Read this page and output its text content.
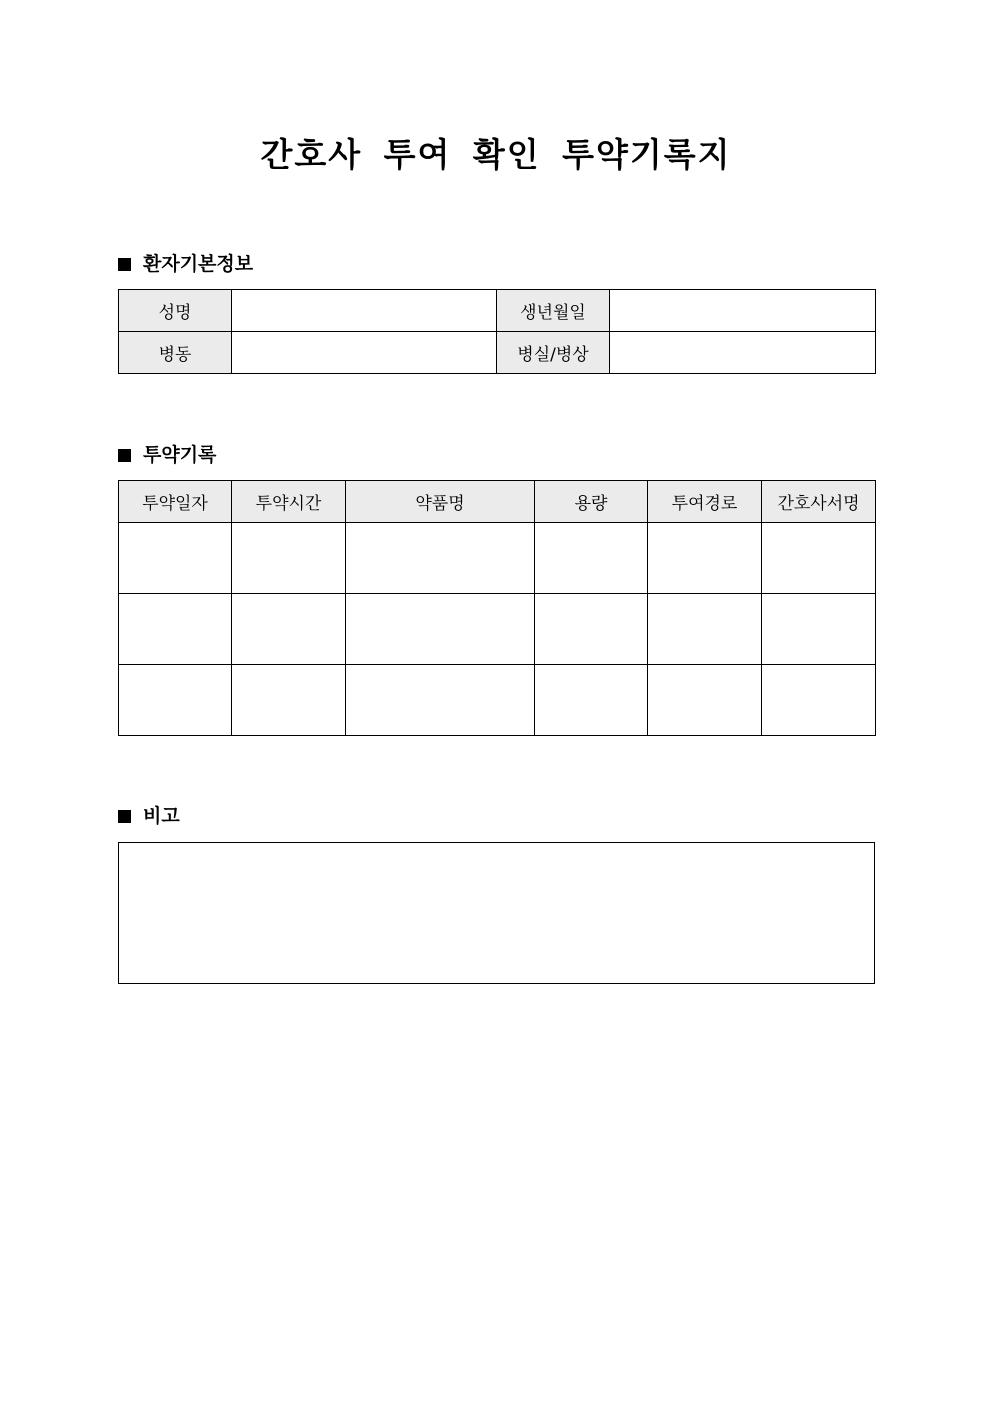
간호사 투여 확인 투약기록지
환자기본정보
성명		생년월일	
병동		병실/병상	
투약기록
투약일자	투약시간	약품명	용량	투여경로	간호사서명

비고
